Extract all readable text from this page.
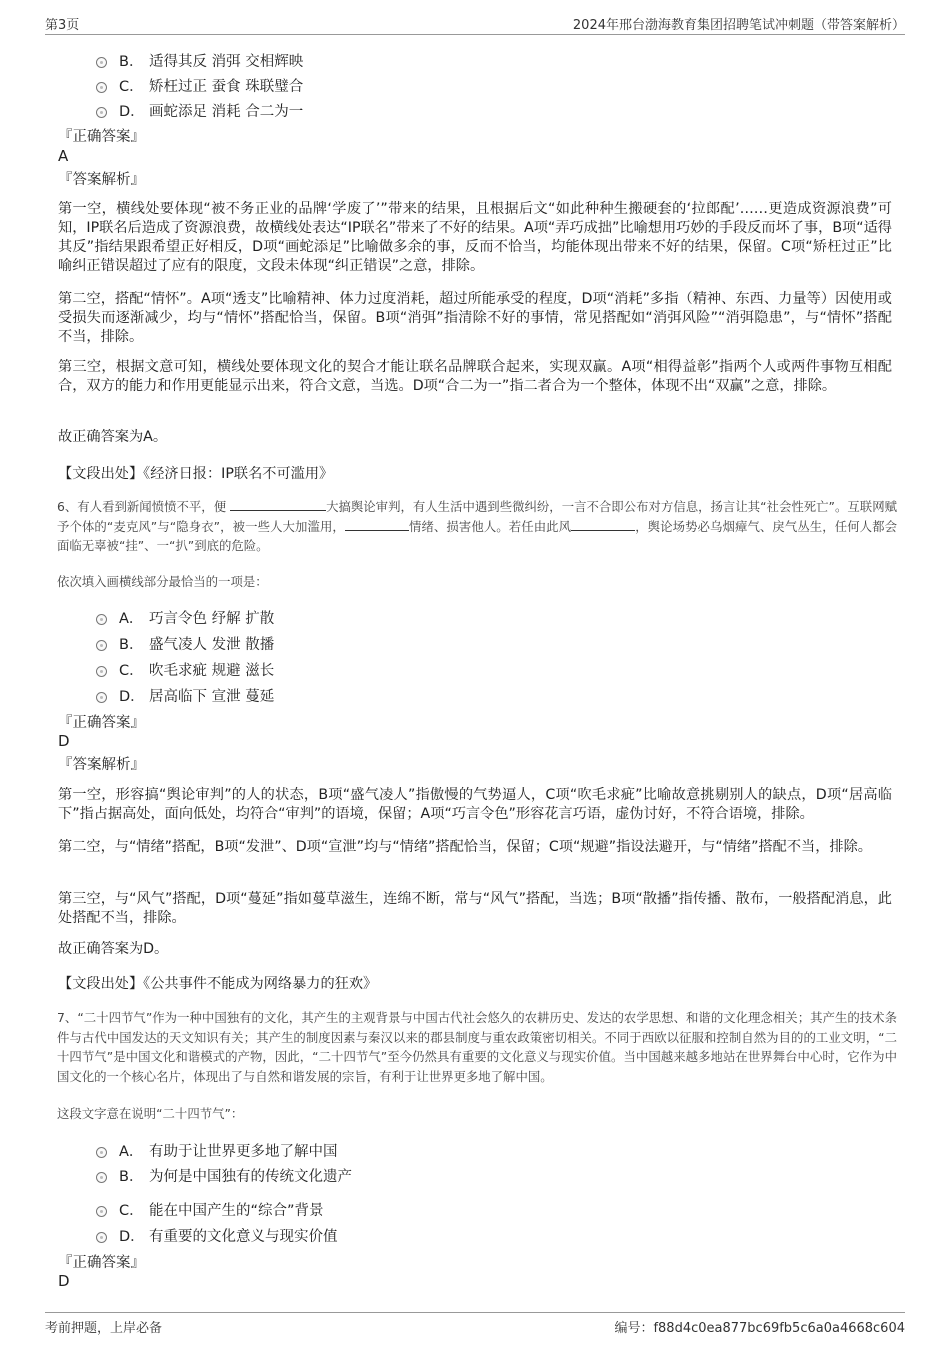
第3页	2024年邢台渤海教育集团招聘笔试冲刺题（带答案解析）
B． 适得其反 消弭 交相辉映
C． 矫枉过正 蚕食 珠联璧合
D． 画蛇添足 消耗 合二为一
『正确答案』
A
『答案解析』
第一空，横线处要体现“被不务正业的品牌‘学废了’”带来的结果，且根据后文“如此种种生搬硬套的‘拉郎配’……更造成资源浪费”可知，IP联名后造成了资源浪费，故横线处表达“IP联名”带来了不好的结果。A项“弄巧成拙”比喻想用巧妙的手段反而坏了事，B项“适得其反”指结果跟希望正好相反，D项“画蛇添足”比喻做多余的事，反而不恰当，均能体现出带来不好的结果，保留。C项“矫枉过正”比喻纠正错误超过了应有的限度，文段未体现“纠正错误”之意，排除。
第二空，搭配“情怀”。A项“透支”比喻精神、体力过度消耗，超过所能承受的程度，D项“消耗”多指（精神、东西、力量等）因使用或受损失而逐渐减少，均与“情怀”搭配恰当，保留。B项“消弭”指清除不好的事情，常见搭配如“消弭风险”“消弭隐患”，与“情怀”搭配不当，排除。
第三空，根据文意可知，横线处要体现文化的契合才能让联名品牌联合起来，实现双赢。A项“相得益彰”指两个人或两件事物互相配合，双方的能力和作用更能显示出来，符合文意，当选。D项“合二为一”指二者合为一个整体，体现不出“双赢”之意，排除。
故正确答案为A。
【文段出处】《经济日报：IP联名不可滥用》
6、有人看到新闻愤愤不平，便	大搞舆论审判，有人生活中遇到些微纠纷，一言不合即公布对方信息，扬言让其“社会性死亡”。互联网赋予个体的“麦克风”与“隐身衣”，被一些人大加滥用，	情绪、损害他人。若任由此风	，舆论场势必乌烟瘴气、戾气丛生，任何人都会面临无辜被“挂”、一“扒”到底的危险。
依次填入画横线部分最恰当的一项是：
A． 巧言令色 纾解 扩散
B． 盛气凌人 发泄 散播
C． 吹毛求疵 规避 滋长
D． 居高临下 宣泄 蔓延
『正确答案』
D
『答案解析』
第一空，形容搞“舆论审判”的人的状态，B项“盛气凌人”指傲慢的气势逼人，C项“吹毛求疵”比喻故意挑剔别人的缺点，D项“居高临下”指占据高处，面向低处，均符合“审判”的语境，保留；A项“巧言令色”形容花言巧语，虚伪讨好，不符合语境，排除。
第二空，与“情绪”搭配，B项“发泄”、D项“宣泄”均与“情绪”搭配恰当，保留；C项“规避”指设法避开，与“情绪”搭配不当，排除。
第三空，与“风气”搭配，D项“蔓延”指如蔓草滋生，连绵不断，常与“风气”搭配，当选；B项“散播”指传播、散布，一般搭配消息，此处搭配不当，排除。
故正确答案为D。
【文段出处】《公共事件不能成为网络暴力的狂欢》
7、“二十四节气”作为一种中国独有的文化，其产生的主观背景与中国古代社会悠久的农耕历史、发达的农学思想、和谐的文化理念相关；其产生的技术条件与古代中国发达的天文知识有关；其产生的制度因素与秦汉以来的郡县制度与重农政策密切相关。不同于西欧以征服和控制自然为目的的工业文明，“二十四节气”是中国文化和谐模式的产物，因此，“二十四节气”至今仍然具有重要的文化意义与现实价值。当中国越来越多地站在世界舞台中心时，它作为中国文化的一个核心名片，体现出了与自然和谐发展的宗旨，有利于让世界更多地了解中国。
这段文字意在说明“二十四节气”：
A． 有助于让世界更多地了解中国
B． 为何是中国独有的传统文化遗产
C． 能在中国产生的“综合”背景
D． 有重要的文化意义与现实价值
『正确答案』
D
考前押题，上岸必备	编号：f88d4c0ea877bc69fb5c6a0a4668c604
